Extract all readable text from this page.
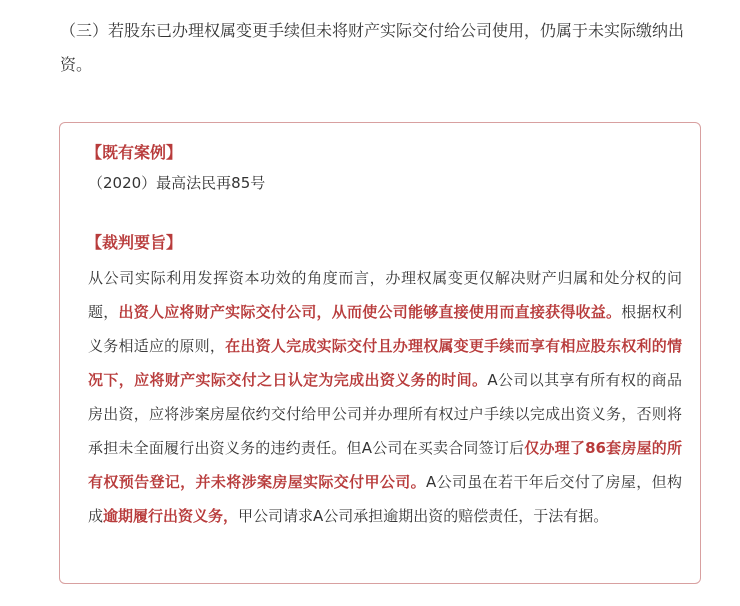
（三）若股东已办理权属变更手续但未将财产实际交付给公司使用，仍属于未实际缴纳出资。

【既有案例】

（2020）最高法民再85号

【裁判要旨】

从公司实际利用发挥资本功效的角度而言，办理权属变更仅解决财产归属和处分权的问题，出资人应将财产实际交付公司，从而使公司能够直接使用而直接获得收益。根据权利义务相适应的原则，在出资人完成实际交付且办理权属变更手续而享有相应股东权利的情况下，应将财产实际交付之日认定为完成出资义务的时间。A公司以其享有所有权的商品房出资，应将涉案房屋依约交付给甲公司并办理所有权过户手续以完成出资义务，否则将承担未全面履行出资义务的违约责任。但A公司在买卖合同签订后仅办理了86套房屋的所有权预告登记，并未将涉案房屋实际交付甲公司。A公司虽在若干年后交付了房屋，但构成逾期履行出资义务，甲公司请求A公司承担逾期出资的赔偿责任，于法有据。
